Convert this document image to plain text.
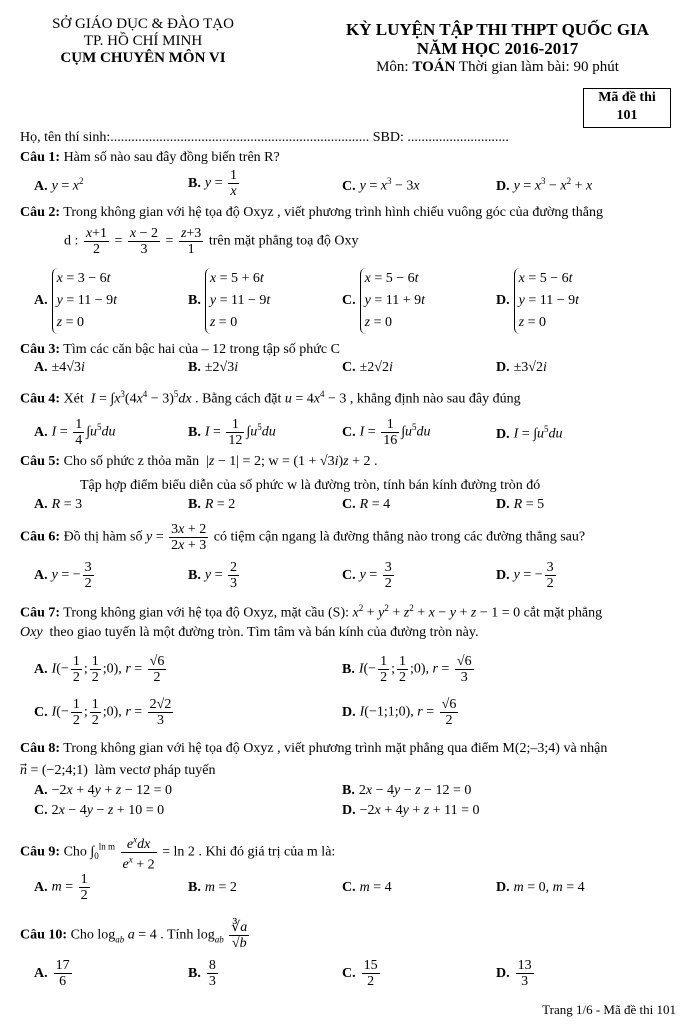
SỞ GIÁO DỤC & ĐÀO TẠO
TP. HỒ CHÍ MINH
CỤM CHUYÊN MÔN VI
KỲ LUYỆN TẬP THI THPT QUỐC GIA
NĂM HỌC 2016-2017
Môn: TOÁN Thời gian làm bài: 90 phút
Mã đề thi
101
Họ, tên thí sinh:.......................................................................... SBD: .............................
Câu 1: Hàm số nào sau đây đồng biến trên R?
A. $y = x^2$	B. $y = \frac{1}{x}$	C. $y = x^3 - 3x$	D. $y = x^3 - x^2 + x$
Câu 2: Trong không gian với hệ tọa độ Oxyz , viết phương trình hình chiếu vuông góc của đường thẳng
d : $\frac{x+1}{2} = \frac{x - 2}{3} = \frac{z+3}{1}$ trên mặt phẳng toạ độ Oxy
A.x = 3 − 6t
y = 11 − 9t
z = 0
B.x = 5 + 6t
y = 11 − 9t
z = 0
C.x = 5 − 6t
y = 11 + 9t
z = 0
D.x = 5 − 6t
y = 11 − 9t
z = 0
Câu 3: Tìm các căn bậc hai của – 12 trong tập số phức C
A. ±4√3i	B. ±2√3i	C. ±2√2i	D. ±3√2i
Câu 4: Xét $I = \int x^3(4x^4 - 3)^5dx$ . Bằng cách đặt $u = 4x^4 - 3$ , khẳng định nào sau đây đúng
A. $I = \frac{1}{4} \int u^5du$	B. $I = \frac{1}{12} \int u^5du$	C. $I = \frac{1}{16} \int u^5du$	D. $I = \int u^5du$
Câu 5: Cho số phức z thỏa mãn  |z − 1| = 2; w = (1 + √3i)z + 2 .
Tập hợp điểm biểu diễn của số phức w là đường tròn, tính bán kính đường tròn đó
A. R = 3	B. R = 2	C. R = 4	D. R = 5
Câu 6: Đồ thị hàm số $y = \frac{3x + 2}{2x + 3}$ có tiệm cận ngang là đường thẳng nào trong các đường thẳng sau?
A. y = − $\frac{3}{2}$	B. $y = \frac{2}{3}$	C. $y = \frac{3}{2}$	D. y = − $\frac{3}{2}$
Câu 7: Trong không gian với hệ tọa độ Oxyz, mặt cầu (S): $x^2 + y^2 + z^2 + x - y + z - 1 = 0$ cắt mặt phẳng
Oxy theo giao tuyến là một đường tròn. Tìm tâm và bán kính của đường tròn này.
A. $I(- \frac{1}{2}$ ; $\frac{1}{2}$ ;0), $r = \frac{√6}{2}$	B. $I(- \frac{1}{2}$ ; $\frac{1}{2}$ ;0), $r = \frac{√6}{3}$
C. $I(- \frac{1}{2}$ ; $\frac{1}{2}$ ;0), $r = \frac{2√2}{3}$	D. I(−1;1;0), $r = \frac{√6}{2}$
Câu 8: Trong không gian với hệ tọa độ Oxyz , viết phương trình mặt phẳng qua điểm M(2;–3;4) và nhận
n⃗ = (−2;4;1)  làm vectơ pháp tuyến
A. −2x + 4y + z − 12 = 0	B. 2x − 4y − z − 12 = 0
C. 2x − 4y − z + 10 = 0	D. −2x + 4y + z + 11 = 0
Câu 9: Cho $\int_0^{ln m} \frac{e^xdx}{e^x + 2} = \ln 2$ . Khi đó giá trị của m là:
A. $m = \frac{1}{2}$	B. m = 2	C. m = 4	D. m = 0, m = 4
Câu 10: Cho $\log_{ab} a = 4$ . Tính $\log_{ab} \frac{∛a}{√b}$
A. $\frac{17}{6}$	B. $\frac{8}{3}$	C. $\frac{15}{2}$	D. $\frac{13}{3}$
Trang 1/6 - Mã đề thi 101
